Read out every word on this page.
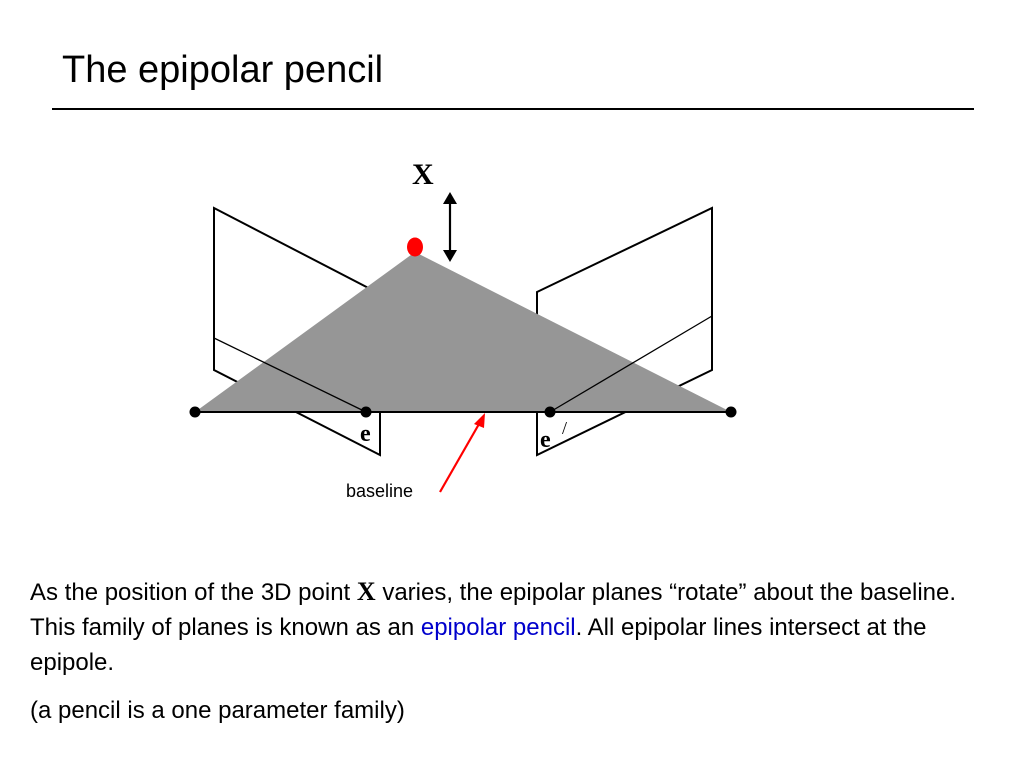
The epipolar pencil
X
e	e /
baseline

As the position of the 3D point X varies, the epipolar planes “rotate” about the baseline. This family of planes is known as an epipolar pencil. All epipolar lines intersect at the epipole.

(a pencil is a one parameter family)
